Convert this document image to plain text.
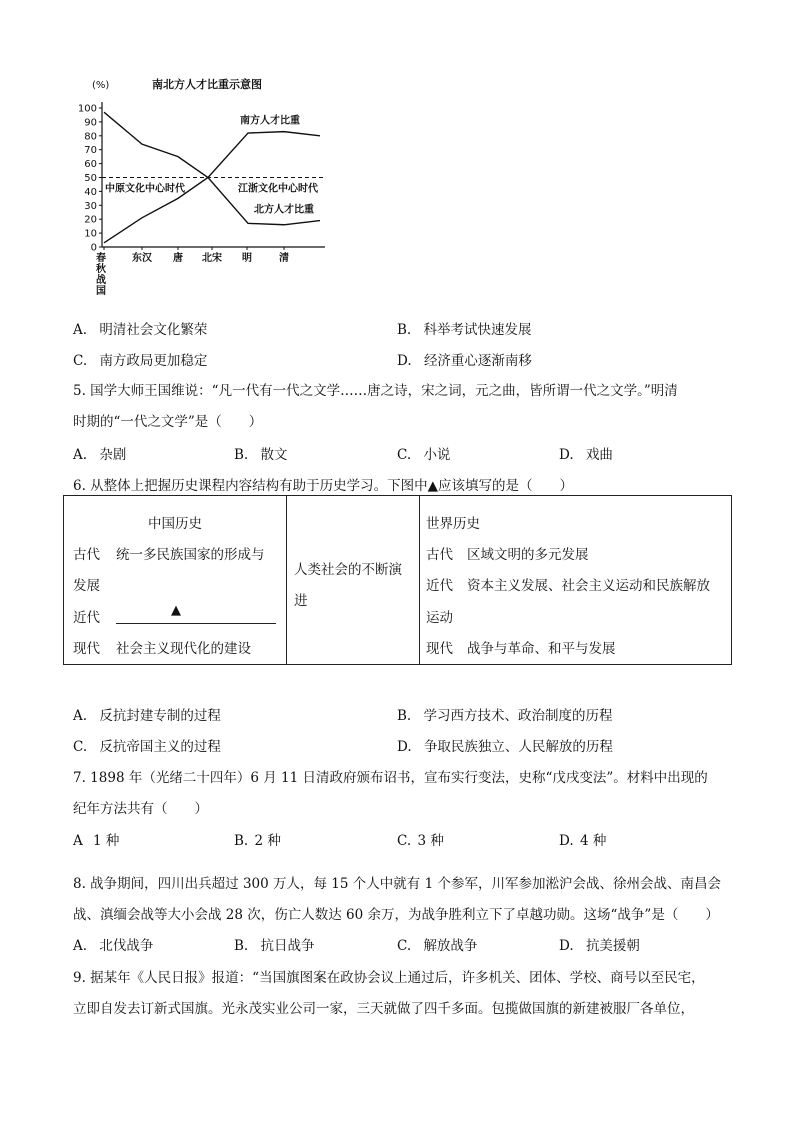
(%)	南北方人才比重示意图
100
90
80
70
60
50
40
30
20
10
0
春
秋
战
国
东汉 唐 北宋 明	清
中原文化中心时代	江浙文化中心时代
南方人才比重
北方人才比重
A. 明清社会文化繁荣	B. 科举考试快速发展
C. 南方政局更加稳定	D. 经济重心逐渐南移
5. 国学大师王国维说：“凡一代有一代之文学……唐之诗，宋之词，元之曲，皆所谓一代之文学。”明清
时期的“一代之文学”是（　　）
A. 杂剧	B. 散文	C. 小说	D. 戏曲
6. 从整体上把握历史课程内容结构有助于历史学习。下图中▲应该填写的是（　　）
中国历史
古代 统一多民族国家的形成与
发展
近代	▲
现代 社会主义现代化的建设
人类社会的不断演
进
世界历史
古代 区域文明的多元发展
近代 资本主义发展、社会主义运动和民族解放
运动
现代 战争与革命、和平与发展
A. 反抗封建专制的过程	B. 学习西方技术、政治制度的历程
C. 反抗帝国主义的过程	D. 争取民族独立、人民解放的历程
7. 1898 年（光绪二十四年）6 月 11 日清政府颁布诏书，宣布实行变法，史称“戊戌变法”。材料中出现的
纪年方法共有（　　）
A 1 种	B. 2 种	C. 3 种	D. 4 种
8. 战争期间，四川出兵超过 300 万人，每 15 个人中就有 1 个参军，川军参加淞沪会战、徐州会战、南昌会
战、滇缅会战等大小会战 28 次，伤亡人数达 60 余万，为战争胜利立下了卓越功勋。这场“战争”是（　　）
A. 北伐战争	B. 抗日战争	C. 解放战争	D. 抗美援朝
9. 据某年《人民日报》报道：“当国旗图案在政协会议上通过后，许多机关、团体、学校、商号以至民宅，
立即自发去订新式国旗。光永茂实业公司一家，三天就做了四千多面。包揽做国旗的新建被服厂各单位，
